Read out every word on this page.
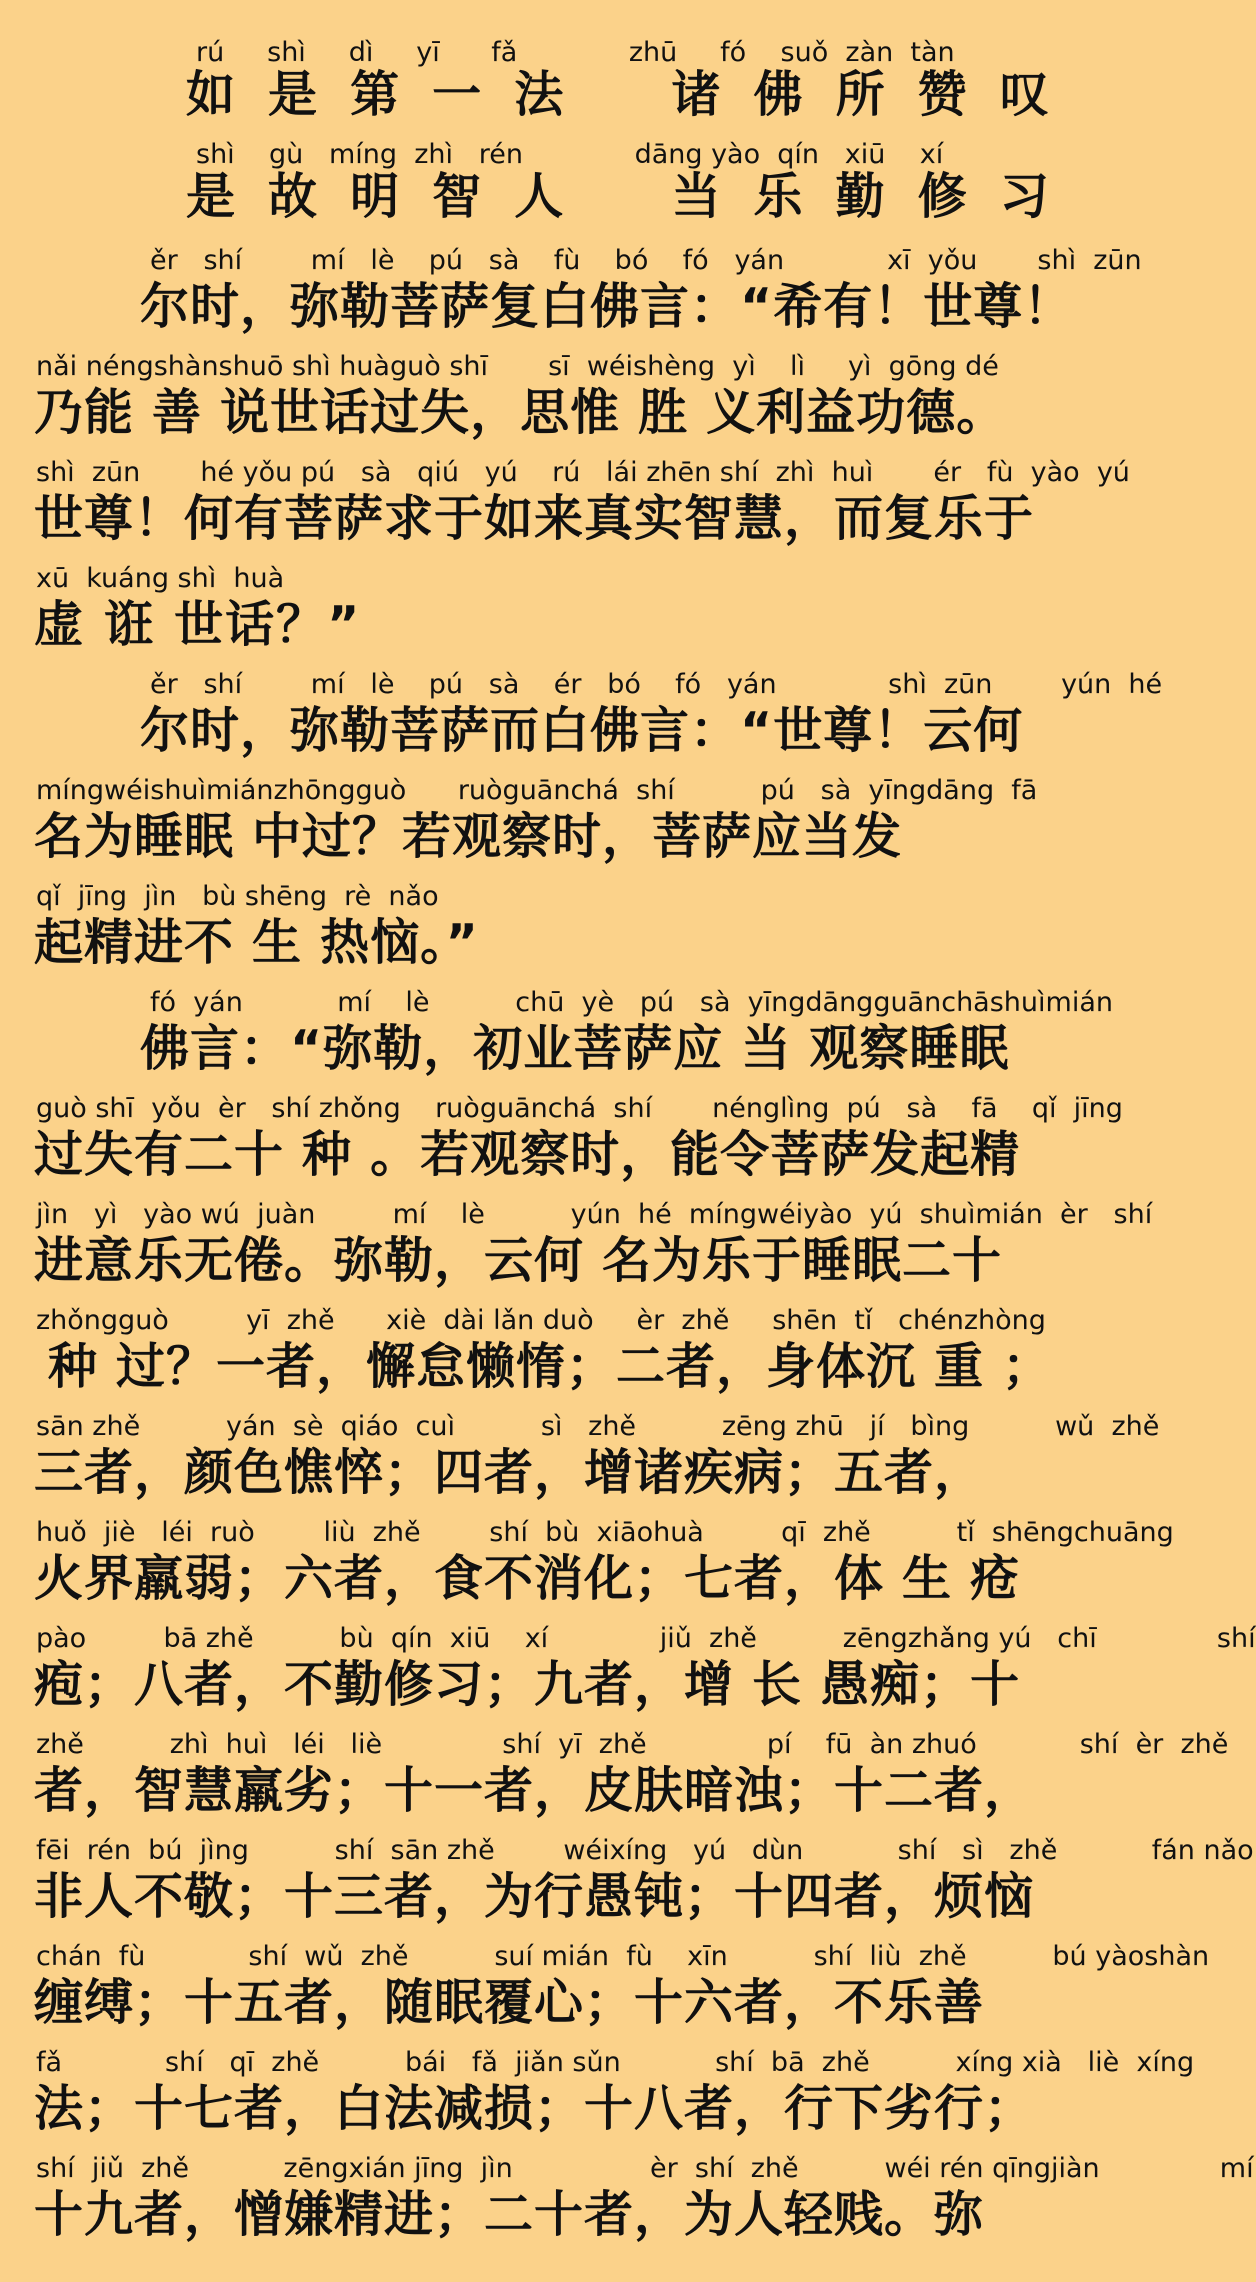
rú     shì     dì     yī      fǎ             zhū     fó    suǒ  zàn  tàn
如 是 第 一 法    诸 佛 所 赞 叹
shì    gù   míng  zhì   rén             dāng yào  qín   xiū    xí
是 故 明 智 人    当 乐 勤 修 习
ěr   shí        mí   lè    pú   sà    fù    bó    fó   yán            xī  yǒu       shì  zūn
尔时，弥勒菩萨复白佛言：“希有！世尊！
nǎi néngshànshuō shì huàguò shī       sī  wéishèng  yì    lì     yì  gōng dé
乃能 善 说世话过失，思惟 胜 义利益功德。
shì  zūn       hé yǒu pú   sà   qiú   yú    rú   lái zhēn shí  zhì  huì       ér   fù  yào  yú
世尊！何有菩萨求于如来真实智慧，而复乐于
xū  kuáng shì  huà
虚 诳 世话？”
ěr   shí        mí   lè    pú   sà    ér   bó    fó   yán             shì  zūn        yún  hé
尔时，弥勒菩萨而白佛言：“世尊！云何
míngwéishuìmiánzhōngguò      ruòguānchá  shí          pú   sà  yīngdāng  fā
名为睡眠 中过？若观察时，菩萨应当发
qǐ  jīng  jìn   bù shēng  rè  nǎo
起精进不 生 热恼。”
fó  yán           mí    lè          chū  yè   pú   sà  yīngdāngguānchāshuìmián
佛言：“弥勒，初业菩萨应 当 观察睡眠
guò shī  yǒu  èr   shí zhǒng    ruòguānchá  shí       nénglìng  pú   sà    fā    qǐ  jīng
过失有二十 种 。若观察时，能令菩萨发起精
jìn   yì   yào wú  juàn         mí    lè          yún  hé  míngwéiyào  yú  shuìmián  èr   shí
进意乐无倦。弥勒，云何 名为乐于睡眠二十
zhǒngguò         yī  zhě      xiè  dài lǎn duò     èr  zhě     shēn  tǐ   chénzhòng
种 过？一者，懈怠懒惰；二者，身体沉 重 ；
sān zhě          yán  sè  qiáo  cuì          sì   zhě          zēng zhū   jí   bìng          wǔ  zhě
三者，颜色憔悴；四者，增诸疾病；五者，
huǒ  jiè   léi  ruò        liù  zhě        shí  bù  xiāohuà         qī  zhě          tǐ  shēngchuāng
火界羸弱；六者，食不消化；七者，体 生 疮
pào         bā zhě          bù  qín  xiū    xí             jiǔ  zhě          zēngzhǎng yú   chī              shí
疱；八者，不勤修习；九者，增 长 愚痴；十
zhě          zhì  huì   léi   liè              shí  yī  zhě              pí    fū  àn zhuó            shí  èr  zhě
者，智慧羸劣；十一者，皮肤暗浊；十二者，
fēi  rén  bú  jìng          shí  sān zhě        wéixíng   yú   dùn           shí   sì   zhě           fán nǎo
非人不敬；十三者，为行愚钝；十四者，烦恼
chán  fù            shí  wǔ  zhě          suí mián  fù    xīn          shí  liù  zhě          bú yàoshàn
缠缚；十五者，随眠覆心；十六者，不乐善
fǎ            shí   qī  zhě          bái   fǎ  jiǎn sǔn           shí  bā  zhě          xíng xià   liè  xíng
法；十七者，白法减损；十八者，行下劣行；
shí  jiǔ  zhě           zēngxián jīng  jìn                èr  shí  zhě          wéi rén qīngjiàn              mí
十九者，憎嫌精进；二十者，为人轻贱。弥
